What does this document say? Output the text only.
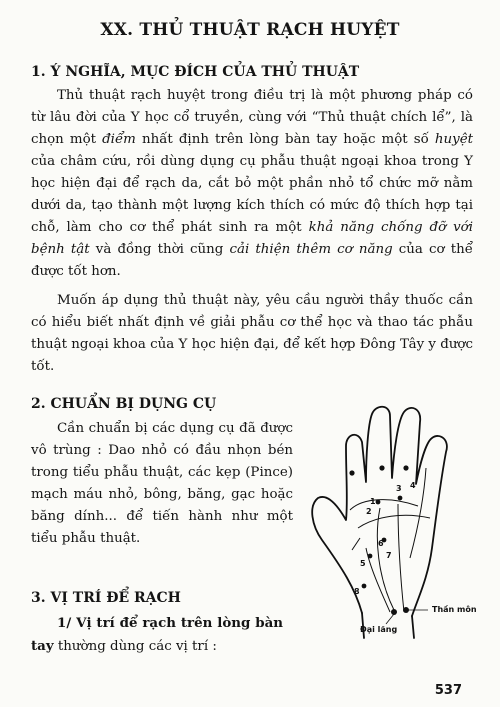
XX. THỦ THUẬT RẠCH HUYỆT
1. Ý NGHĨA, MỤC ĐÍCH CỦA THỦ THUẬT

Thủ thuật rạch huyệt trong điều trị là một phương pháp có từ lâu đời của Y học cổ truyền, cùng với “Thủ thuật chích lể”, là chọn một điểm nhất định trên lòng bàn tay hoặc một số huyệt của châm cứu, rồi dùng dụng cụ phẫu thuật ngoại khoa trong Y học hiện đại để rạch da, cắt bỏ một phần nhỏ tổ chức mỡ nằm dưới da, tạo thành một lượng kích thích có mức độ thích hợp tại chỗ, làm cho cơ thể phát sinh ra một khả năng chống đỡ với bệnh tật và đồng thời cũng cải thiện thêm cơ năng của cơ thể được tốt hơn.

Muốn áp dụng thủ thuật này, yêu cầu người thầy thuốc cần có hiểu biết nhất định về giải phẫu cơ thể học và thao tác phẫu thuật ngoại khoa của Y học hiện đại, để kết hợp Đông Tây y được tốt.

2. CHUẨN BỊ DỤNG CỤ

Cần chuẩn bị các dụng cụ đã được vô trùng : Dao nhỏ có đầu nhọn bén trong tiểu phẫu thuật, các kẹp (Pince) mạch máu nhỏ, bông, băng, gạc hoặc băng dính... để tiến hành như một tiểu phẫu thuật.

3. VỊ TRÍ ĐỂ RẠCH

1/ Vị trí để rạch trên lòng bàn tay thường dùng các vị trí :

1
2
3 4
5
6
7
8
Thần môn
Đại lăng
537
